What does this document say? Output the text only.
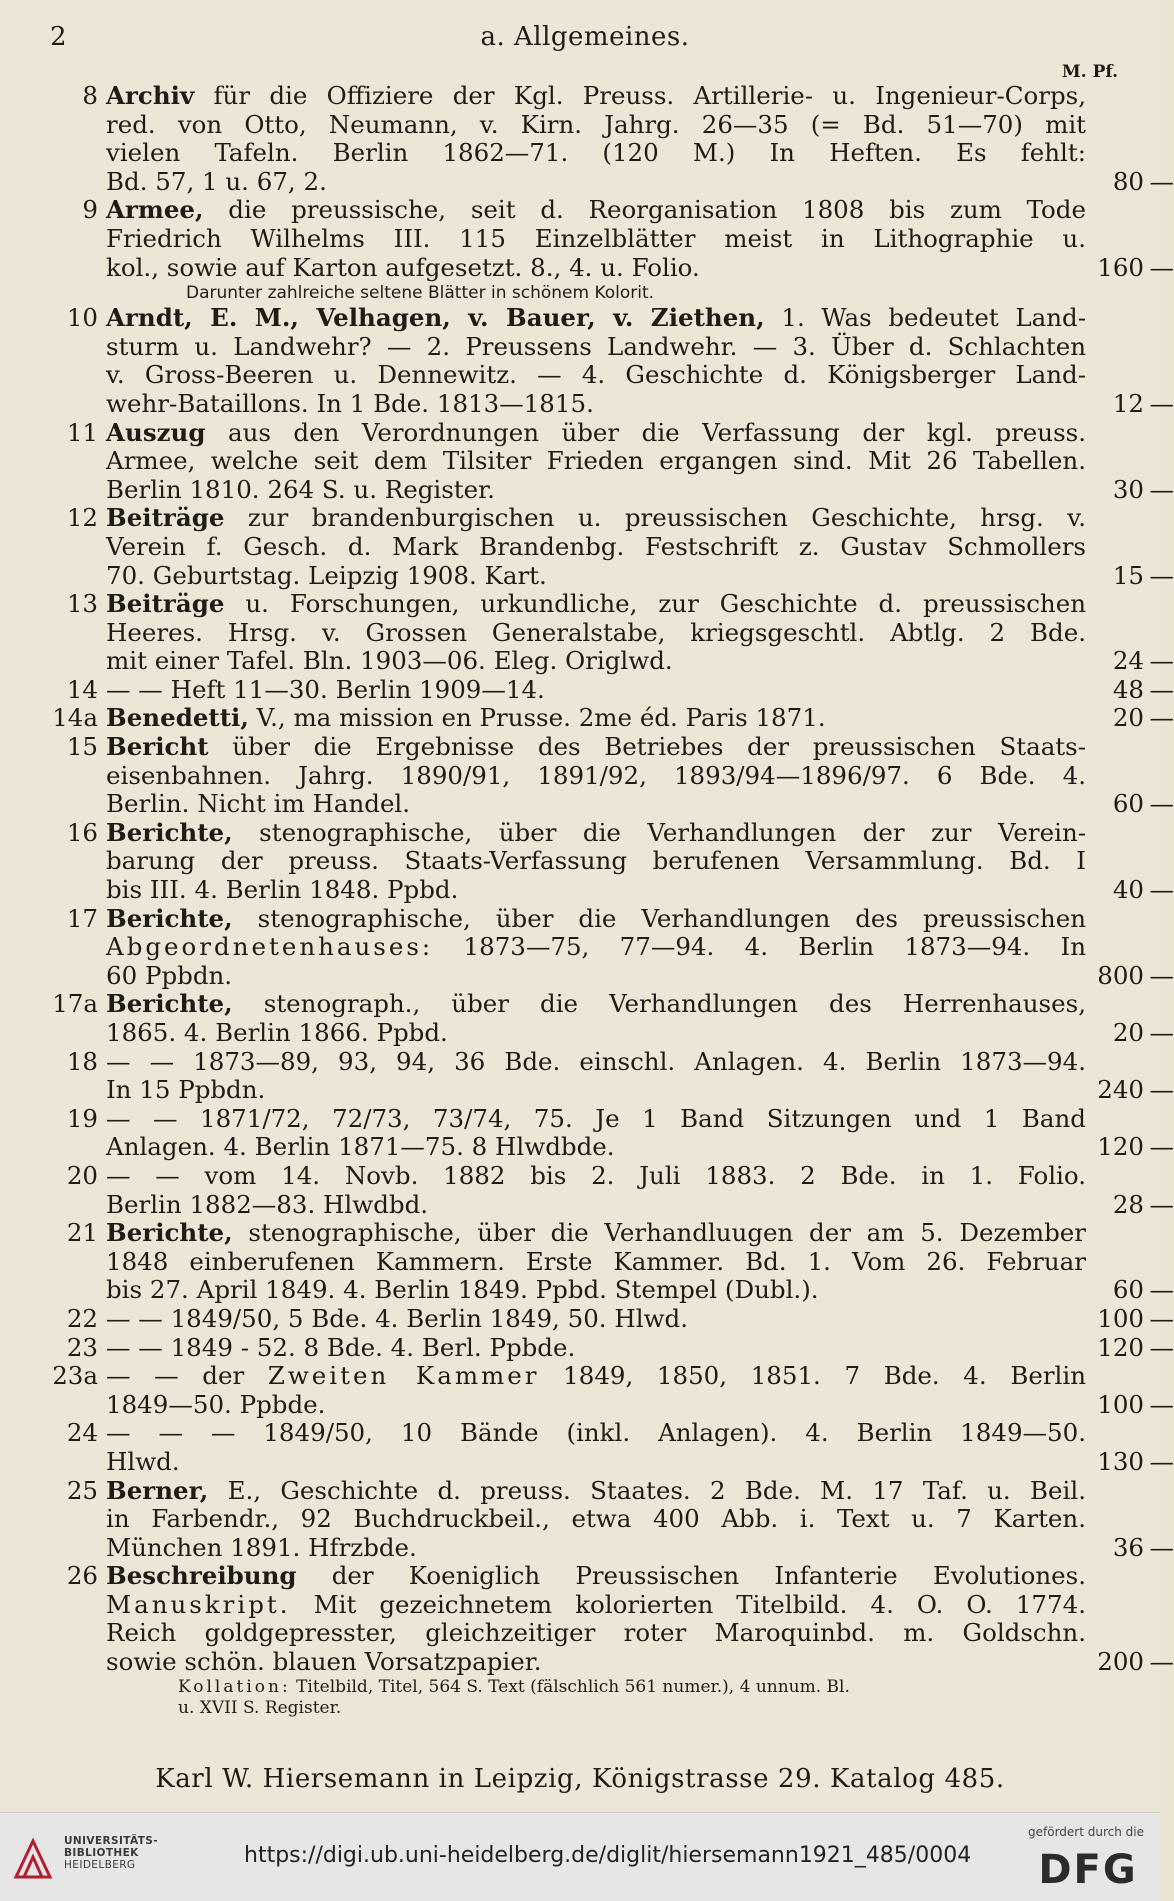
2	a. Allgemeines.
M. Pf.
8 Archiv für die Offiziere der Kgl. Preuss. Artillerie- u. Ingenieur-Corps,
red. von Otto, Neumann, v. Kirn. Jahrg. 26—35 (= Bd. 51—70) mit
vielen Tafeln. Berlin 1862—71. (120 M.) In Heften. Es fehlt:
Bd. 57, 1 u. 67, 2.	80 —
9 Armee, die preussische, seit d. Reorganisation 1808 bis zum Tode
Friedrich Wilhelms III. 115 Einzelblätter meist in Lithographie u.
kol., sowie auf Karton aufgesetzt. 8., 4. u. Folio.	160 —
Darunter zahlreiche seltene Blätter in schönem Kolorit.
10 Arndt, E. M., Velhagen, v. Bauer, v. Ziethen, 1. Was bedeutet Land-
sturm u. Landwehr? — 2. Preussens Landwehr. — 3. Über d. Schlachten
v. Gross-Beeren u. Dennewitz. — 4. Geschichte d. Königsberger Land-
wehr-Bataillons. In 1 Bde. 1813—1815.	12 —
11 Auszug aus den Verordnungen über die Verfassung der kgl. preuss.
Armee, welche seit dem Tilsiter Frieden ergangen sind. Mit 26 Tabellen.
Berlin 1810. 264 S. u. Register.	30 —
12 Beiträge zur brandenburgischen u. preussischen Geschichte, hrsg. v.
Verein f. Gesch. d. Mark Brandenbg. Festschrift z. Gustav Schmollers
70. Geburtstag. Leipzig 1908. Kart.	15 —
13 Beiträge u. Forschungen, urkundliche, zur Geschichte d. preussischen
Heeres. Hrsg. v. Grossen Generalstabe, kriegsgeschtl. Abtlg. 2 Bde.
mit einer Tafel. Bln. 1903—06. Eleg. Origlwd.	24 —
14 — — Heft 11—30. Berlin 1909—14.	48 —
14a Benedetti, V., ma mission en Prusse. 2me éd. Paris 1871.	20 —
15 Bericht über die Ergebnisse des Betriebes der preussischen Staats-
eisenbahnen. Jahrg. 1890/91, 1891/92, 1893/94—1896/97. 6 Bde. 4.
Berlin. Nicht im Handel.	60 —
16 Berichte, stenographische, über die Verhandlungen der zur Verein-
barung der preuss. Staats-Verfassung berufenen Versammlung. Bd. I
bis III. 4. Berlin 1848. Ppbd.	40 —
17 Berichte, stenographische, über die Verhandlungen des preussischen
Abgeordnetenhauses: 1873—75, 77—94. 4. Berlin 1873—94. In
60 Ppbdn.	800 —
17a Berichte, stenograph., über die Verhandlungen des Herrenhauses,
1865. 4. Berlin 1866. Ppbd.	20 —
18 — — 1873—89, 93, 94, 36 Bde. einschl. Anlagen. 4. Berlin 1873—94.
In 15 Ppbdn.	240 —
19 — — 1871/72, 72/73, 73/74, 75. Je 1 Band Sitzungen und 1 Band
Anlagen. 4. Berlin 1871—75. 8 Hlwdbde.	120 —
20 — — vom 14. Novb. 1882 bis 2. Juli 1883. 2 Bde. in 1. Folio.
Berlin 1882—83. Hlwdbd.	28 —
21 Berichte, stenographische, über die Verhandluugen der am 5. Dezember
1848 einberufenen Kammern. Erste Kammer. Bd. 1. Vom 26. Februar
bis 27. April 1849. 4. Berlin 1849. Ppbd. Stempel (Dubl.).	60 —
22 — — 1849/50, 5 Bde. 4. Berlin 1849, 50. Hlwd.	100 —
23 — — 1849 - 52. 8 Bde. 4. Berl. Ppbde.	120 —
23a — — der Zweiten Kammer 1849, 1850, 1851. 7 Bde. 4. Berlin
1849—50. Ppbde.	100 —
24 — — — 1849/50, 10 Bände (inkl. Anlagen). 4. Berlin 1849—50.
Hlwd.	130 —
25 Berner, E., Geschichte d. preuss. Staates. 2 Bde. M. 17 Taf. u. Beil.
in Farbendr., 92 Buchdruckbeil., etwa 400 Abb. i. Text u. 7 Karten.
München 1891. Hfrzbde.	36 —
26 Beschreibung der Koeniglich Preussischen Infanterie Evolutiones.
Manuskript. Mit gezeichnetem kolorierten Titelbild. 4. O. O. 1774.
Reich goldgepresster, gleichzeitiger roter Maroquinbd. m. Goldschn.
sowie schön. blauen Vorsatzpapier.	200 —
Kollation: Titelbild, Titel, 564 S. Text (fälschlich 561 numer.), 4 unnum. Bl.
u. XVII S. Register.
Karl W. Hiersemann in Leipzig, Königstrasse 29. Katalog 485.
UNIVERSITÄTS-
BIBLIOTHEK
HEIDELBERG	https://digi.ub.uni-heidelberg.de/diglit/hiersemann1921_485/0004
gefördert durch die
DFG
